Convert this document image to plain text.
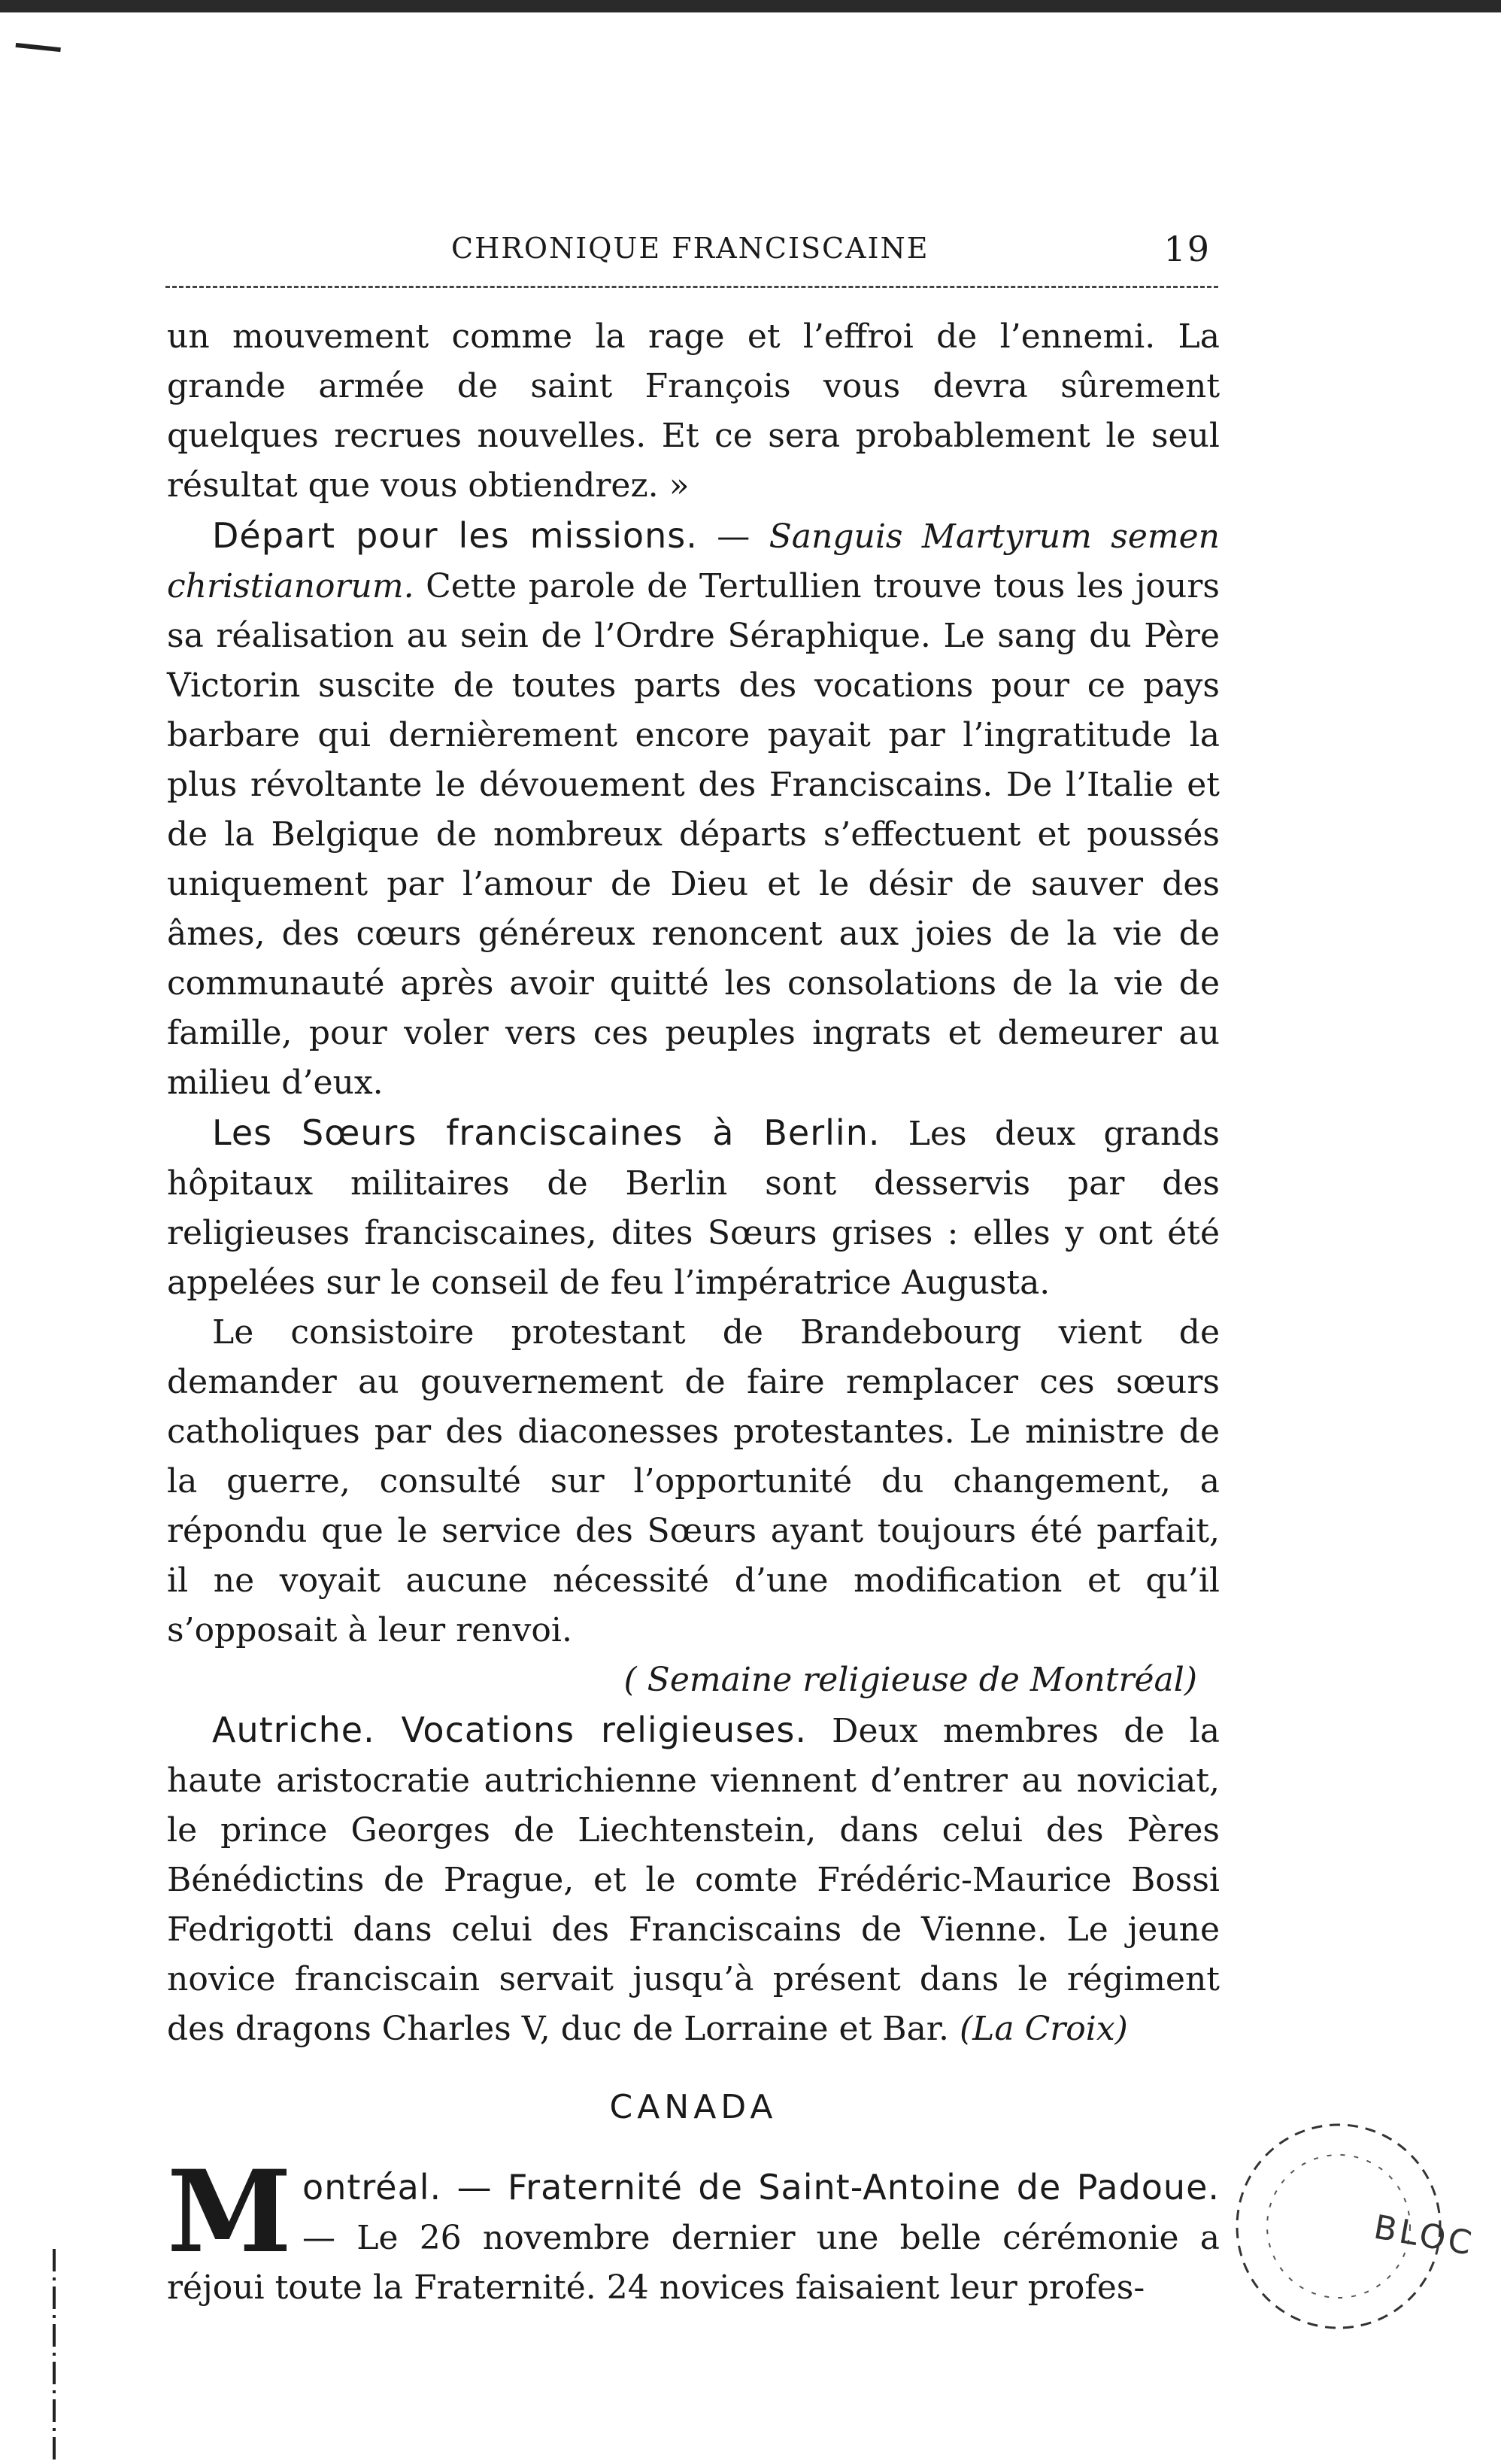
CHRONIQUE FRANCISCAINE	19

un mouvement comme la rage et l’effroi de l’ennemi. La grande armée de saint François vous devra sûrement quelques recrues nouvelles. Et ce sera probablement le seul résultat que vous obtiendrez. »

Départ pour les missions. — Sanguis Martyrum semen christianorum. Cette parole de Tertullien trouve tous les jours sa réalisation au sein de l’Ordre Séraphique. Le sang du Père Victorin suscite de toutes parts des vocations pour ce pays barbare qui dernièrement encore payait par l’ingratitude la plus révoltante le dévouement des Franciscains. De l’Italie et de la Belgique de nombreux départs s’effectuent et poussés uniquement par l’amour de Dieu et le désir de sauver des âmes, des cœurs généreux renoncent aux joies de la vie de communauté après avoir quitté les consolations de la vie de famille, pour voler vers ces peuples ingrats et demeurer au milieu d’eux.

Les Sœurs franciscaines à Berlin. Les deux grands hôpitaux militaires de Berlin sont desservis par des religieuses franciscaines, dites Sœurs grises : elles y ont été appelées sur le conseil de feu l’impératrice Augusta.

Le consistoire protestant de Brandebourg vient de demander au gouvernement de faire remplacer ces sœurs catholiques par des diaconesses protestantes. Le ministre de la guerre, consulté sur l’opportunité du changement, a répondu que le service des Sœurs ayant toujours été parfait, il ne voyait aucune nécessité d’une modification et qu’il s’opposait à leur renvoi.

( Semaine religieuse de Montréal)

Autriche. Vocations religieuses. Deux membres de la haute aristocratie autrichienne viennent d’entrer au noviciat, le prince Georges de Liechtenstein, dans celui des Pères Bénédictins de Prague, et le comte Frédéric-Maurice Bossi Fedrigotti dans celui des Franciscains de Vienne. Le jeune novice franciscain servait jusqu’à présent dans le régiment des dragons Charles V, duc de Lorraine et Bar. (La Croix)

CANADA

Montréal. — Fraternité de Saint-Antoine de Padoue. — Le 26 novembre dernier une belle cérémonie a réjoui toute la Fraternité. 24 novices faisaient leur profes-

BLOC
